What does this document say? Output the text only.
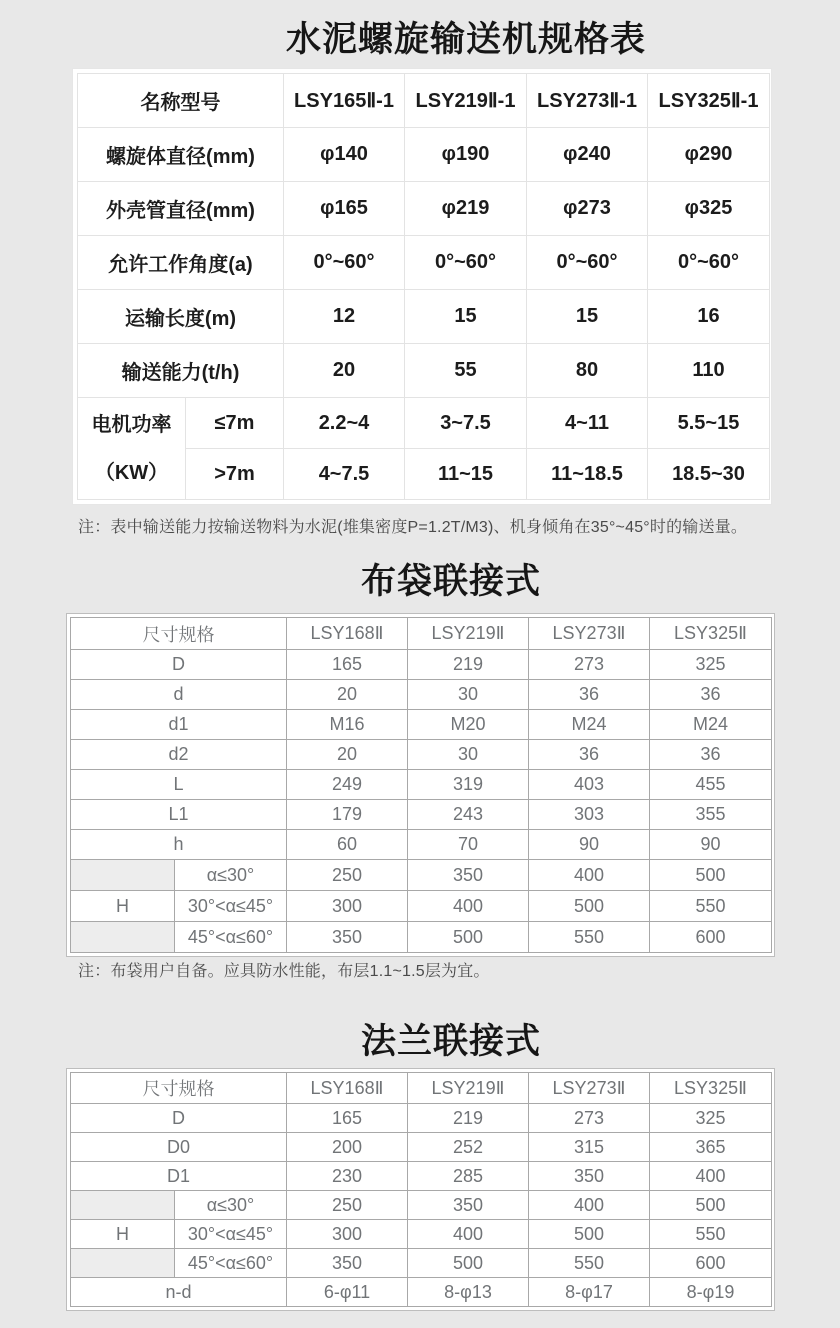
水泥螺旋输送机规格表
名称型号		LSY165Ⅱ-1	LSY219Ⅱ-1	LSY273Ⅱ-1	LSY325Ⅱ-1
螺旋体直径(mm)		φ140	φ190	φ240	φ290
外壳管直径(mm)		φ165	φ219	φ273	φ325
允许工作角度(a)		0°~60°	0°~60°	0°~60°	0°~60°
运输长度(m)		12	15	15	16
输送能力(t/h)		20	55	80	110

电机功率
（KW）	≤7m	2.2~4	3~7.5	4~11	5.5~15
	>7m	4~7.5	11~15	11~18.5	18.5~30
注：表中输送能力按输送物料为水泥(堆集密度P=1.2T/M3)、机身倾角在35°~45°时的输送量。
布袋联接式
尺寸规格		LSY168Ⅱ	LSY219Ⅱ	LSY273Ⅱ	LSY325Ⅱ
D		165	219	273	325
d		20	30	36	36
d1		M16	M20	M24	M24
d2		20	30	36	36
L		249	319	403	455
L1		179	243	303	355
h		60	70	90	90
	α≤30°	250	350	400	500
H	30°<α≤45°	300	400	500	550
	45°<α≤60°	350	500	550	600
注：布袋用户自备。应具防水性能，布层1.1~1.5层为宜。
法兰联接式
尺寸规格		LSY168Ⅱ	LSY219Ⅱ	LSY273Ⅱ	LSY325Ⅱ
D		165	219	273	325
D0		200	252	315	365
D1		230	285	350	400
	α≤30°	250	350	400	500
H	30°<α≤45°	300	400	500	550
	45°<α≤60°	350	500	550	600
n-d		6-φ11	8-φ13	8-φ17	8-φ19
